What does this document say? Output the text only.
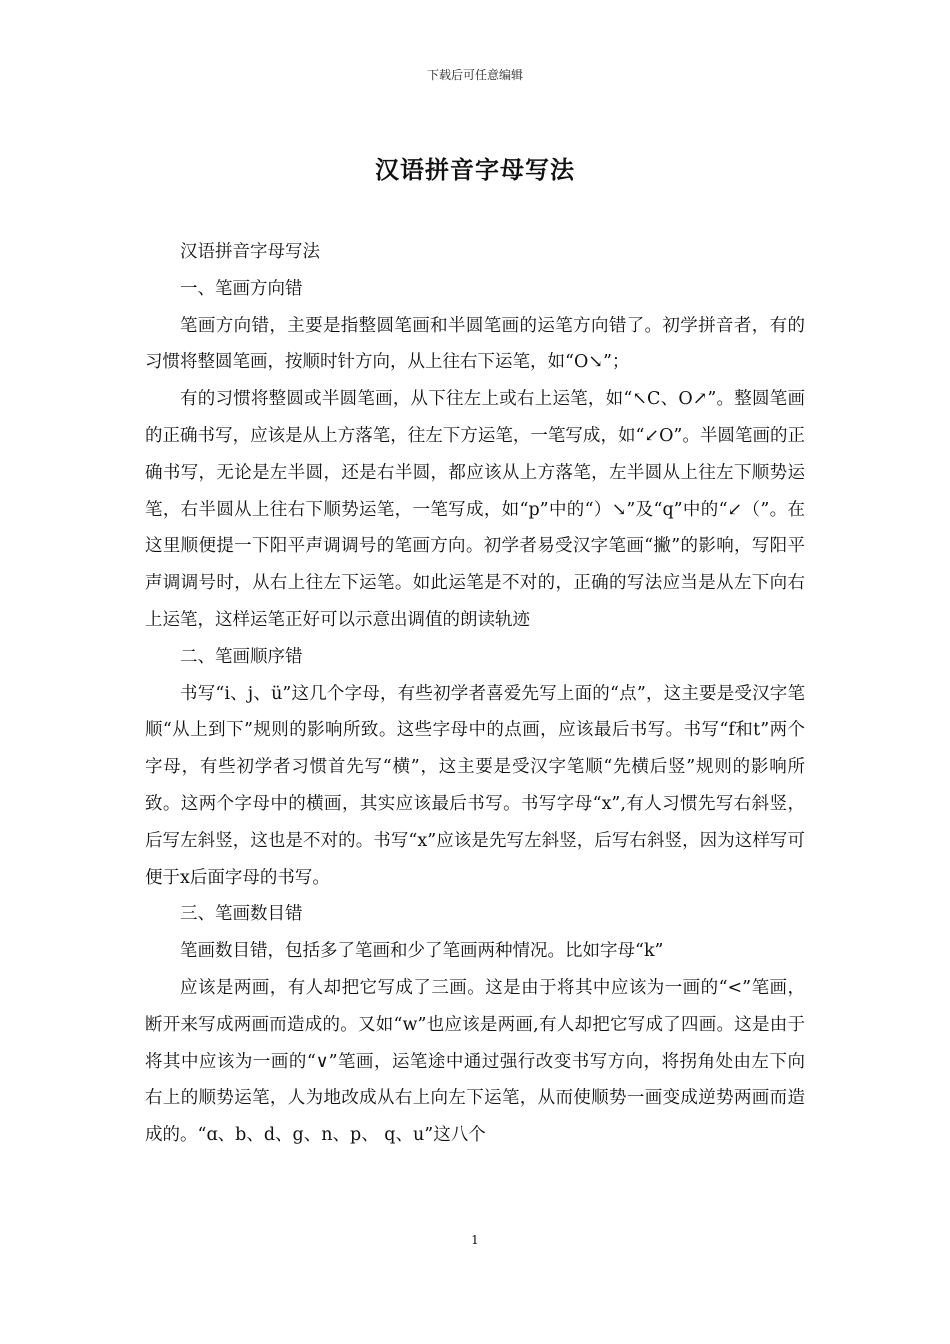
下载后可任意编辑
汉语拼音字母写法

汉语拼音字母写法

一、笔画方向错

笔画方向错，主要是指整圆笔画和半圆笔画的运笔方向错了。初学拼音者，有的习惯将整圆笔画，按顺时针方向，从上往右下运笔，如“O↘”；

有的习惯将整圆或半圆笔画，从下往左上或右上运笔，如“↖C、O↗”。整圆笔画的正确书写，应该是从上方落笔，往左下方运笔，一笔写成，如“↙O”。半圆笔画的正确书写，无论是左半圆，还是右半圆，都应该从上方落笔，左半圆从上往左下顺势运笔，右半圆从上往右下顺势运笔，一笔写成，如“p”中的“）↘”及“q”中的“↙（”。在这里顺便提一下阳平声调调号的笔画方向。初学者易受汉字笔画“撇”的影响，写阳平声调调号时，从右上往左下运笔。如此运笔是不对的，正确的写法应当是从左下向右上运笔，这样运笔正好可以示意出调值的朗读轨迹

二、笔画顺序错

书写“i、j、ü”这几个字母，有些初学者喜爱先写上面的“点”，这主要是受汉字笔顺“从上到下”规则的影响所致。这些字母中的点画，应该最后书写。书写“f和t”两个字母，有些初学者习惯首先写“横”，这主要是受汉字笔顺“先横后竖”规则的影响所致。这两个字母中的横画，其实应该最后书写。书写字母“x”,有人习惯先写右斜竖，后写左斜竖，这也是不对的。书写“x”应该是先写左斜竖，后写右斜竖，因为这样写可便于x后面字母的书写。

三、笔画数目错

笔画数目错，包括多了笔画和少了笔画两种情况。比如字母“k”

应该是两画，有人却把它写成了三画。这是由于将其中应该为一画的“<”笔画，断开来写成两画而造成的。又如“w”也应该是两画,有人却把它写成了四画。这是由于将其中应该为一画的“∨”笔画，运笔途中通过强行改变书写方向，将拐角处由左下向右上的顺势运笔，人为地改成从右上向左下运笔，从而使顺势一画变成逆势两画而造成的。“ɑ、b、d、g、n、p、 q、u”这八个

1
